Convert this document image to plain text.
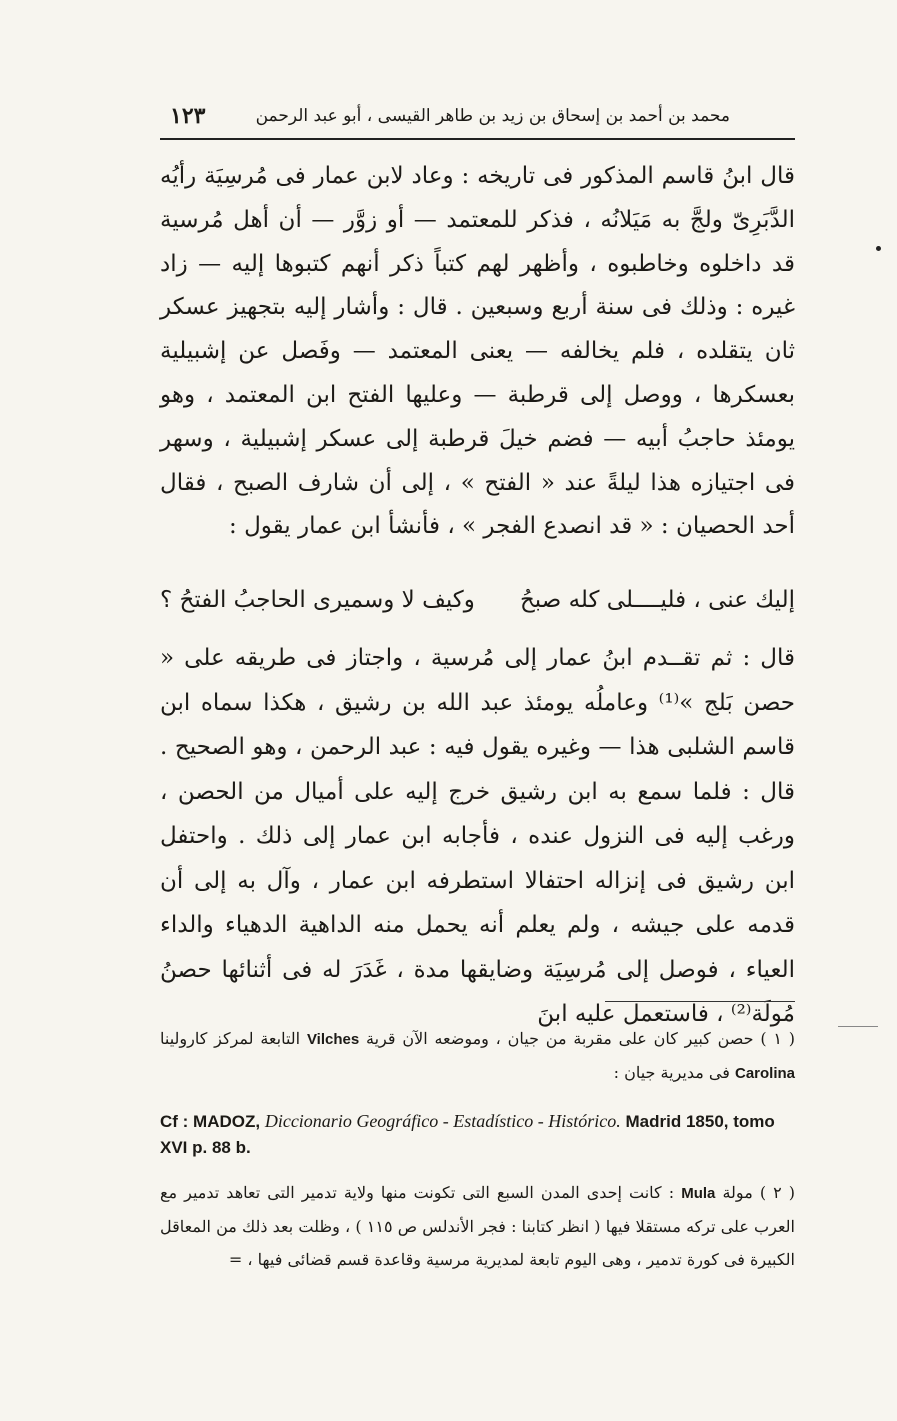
محمد بن أحمد بن إسحاق بن زيد بن طاهر القيسى ، أبو عبد الرحمن
١٢٣

قال ابنُ قاسم المذكور فى تاريخه : وعاد لابن عمار فى مُرسِيَة رأيُه الدَّبَرِىّ ولجَّ به مَيَلانُه ، فذكر للمعتمد — أو زوَّر — أن أهل مُرسية قد داخلوه وخاطبوه ، وأظهر لهم كتباً ذكر أنهم كتبوها إليه — زاد غيره : وذلك فى سنة أربع وسبعين . قال : وأشار إليه بتجهيز عسكر ثان يتقلده ، فلم يخالفه — يعنى المعتمد — وفَصل عن إشبيلية بعسكرها ، ووصل إلى قرطبة — وعليها الفتح ابن المعتمد ، وهو يومئذ حاجبُ أبيه — فضم خيلَ قرطبة إلى عسكر إشبيلية ، وسهر فى اجتيازه هذا ليلةً عند « الفتح » ، إلى أن شارف الصبح ، فقال أحد الحصيان : « قد انصدع الفجر » ، فأنشأ ابن عمار يقول :

إليك عنى ، فليــــلى كله صبحُ
وكيف لا وسميرى الحاجبُ الفتحُ ؟

قال : ثم تقــدم ابنُ عمار إلى مُرسية ، واجتاز فى طريقه على « حصن بَلج »⁽¹⁾ وعاملُه يومئذ عبد الله بن رشيق ، هكذا سماه ابن قاسم الشلبى هذا — وغيره يقول فيه : عبد الرحمن ، وهو الصحيح . قال : فلما سمع به ابن رشيق خرج إليه على أميال من الحصن ، ورغب إليه فى النزول عنده ، فأجابه ابن عمار إلى ذلك . واحتفل ابن رشيق فى إنزاله احتفالا استطرفه ابن عمار ، وآل به إلى أن قدمه على جيشه ، ولم يعلم أنه يحمل منه الداهية الدهياء والداء العياء ، فوصل إلى مُرسِيَة وضايقها مدة ، غَدَرَ له فى أثنائها حصنُ مُولَة⁽²⁾ ، فاستعمل عليه ابنَ

( ١ ) حصن كبير كان على مقربة من جيان ، وموضعه الآن قرية Vilches التابعة لمركز كارولينا Carolina فى مديرية جيان :

Cf : MADOZ, Diccionario Geográfico - Estadístico - Histórico. Madrid 1850, tomo XVI p. 88 b.

( ٢ ) مولة Mula : كانت إحدى المدن السبع التى تكونت منها ولاية تدمير التى تعاهد تدمير مع العرب على تركه مستقلا فيها ( انظر كتابنا : فجر الأندلس ص ١١٥ ) ، وظلت بعد ذلك من المعاقل الكبيرة فى كورة تدمير ، وهى اليوم تابعة لمديرية مرسية وقاعدة قسم قضائى فيها ، =
